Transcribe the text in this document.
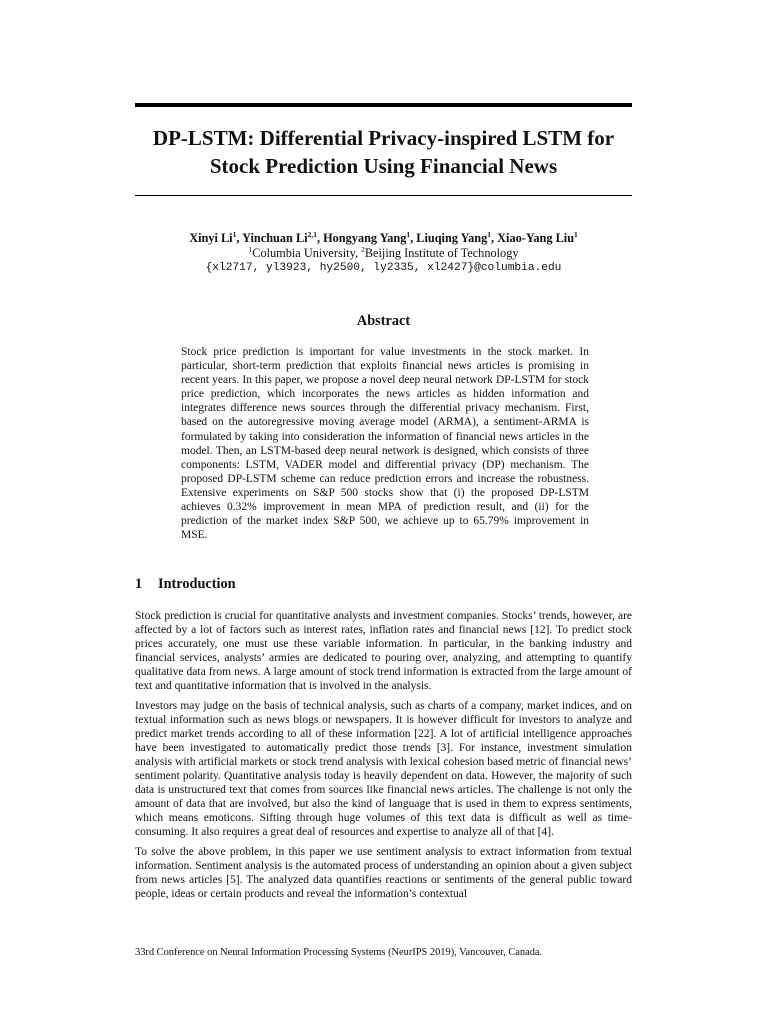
DP-LSTM: Differential Privacy-inspired LSTM for Stock Prediction Using Financial News
Xinyi Li$^1$, Yinchuan Li$^{2,1}$, Hongyang Yang$^1$, Liuqing Yang$^1$, Xiao-Yang Liu$^1$
$^1$Columbia University, $^2$Beijing Institute of Technology
{xl2717, yl3923, hy2500, ly2335, xl2427}@columbia.edu
Abstract

Stock price prediction is important for value investments in the stock market. In particular, short-term prediction that exploits financial news articles is promising in recent years. In this paper, we propose a novel deep neural network DP-LSTM for stock price prediction, which incorporates the news articles as hidden information and integrates difference news sources through the differential privacy mechanism. First, based on the autoregressive moving average model (ARMA), a sentiment-ARMA is formulated by taking into consideration the information of financial news articles in the model. Then, an LSTM-based deep neural network is designed, which consists of three components: LSTM, VADER model and differential privacy (DP) mechanism. The proposed DP-LSTM scheme can reduce prediction errors and increase the robustness. Extensive experiments on S&P 500 stocks show that (i) the proposed DP-LSTM achieves 0.32% improvement in mean MPA of prediction result, and (ii) for the prediction of the market index S&P 500, we achieve up to 65.79% improvement in MSE.

1 Introduction

Stock prediction is crucial for quantitative analysts and investment companies. Stocks’ trends, however, are affected by a lot of factors such as interest rates, inflation rates and financial news [12]. To predict stock prices accurately, one must use these variable information. In particular, in the banking industry and financial services, analysts’ armies are dedicated to pouring over, analyzing, and attempting to quantify qualitative data from news. A large amount of stock trend information is extracted from the large amount of text and quantitative information that is involved in the analysis.

Investors may judge on the basis of technical analysis, such as charts of a company, market indices, and on textual information such as news blogs or newspapers. It is however difficult for investors to analyze and predict market trends according to all of these information [22]. A lot of artificial intelligence approaches have been investigated to automatically predict those trends [3]. For instance, investment simulation analysis with artificial markets or stock trend analysis with lexical cohesion based metric of financial news’ sentiment polarity. Quantitative analysis today is heavily dependent on data. However, the majority of such data is unstructured text that comes from sources like financial news articles. The challenge is not only the amount of data that are involved, but also the kind of language that is used in them to express sentiments, which means emoticons. Sifting through huge volumes of this text data is difficult as well as time-consuming. It also requires a great deal of resources and expertise to analyze all of that [4].

To solve the above problem, in this paper we use sentiment analysis to extract information from textual information. Sentiment analysis is the automated process of understanding an opinion about a given subject from news articles [5]. The analyzed data quantifies reactions or sentiments of the general public toward people, ideas or certain products and reveal the information’s contextual

33rd Conference on Neural Information Processing Systems (NeurIPS 2019), Vancouver, Canada.
